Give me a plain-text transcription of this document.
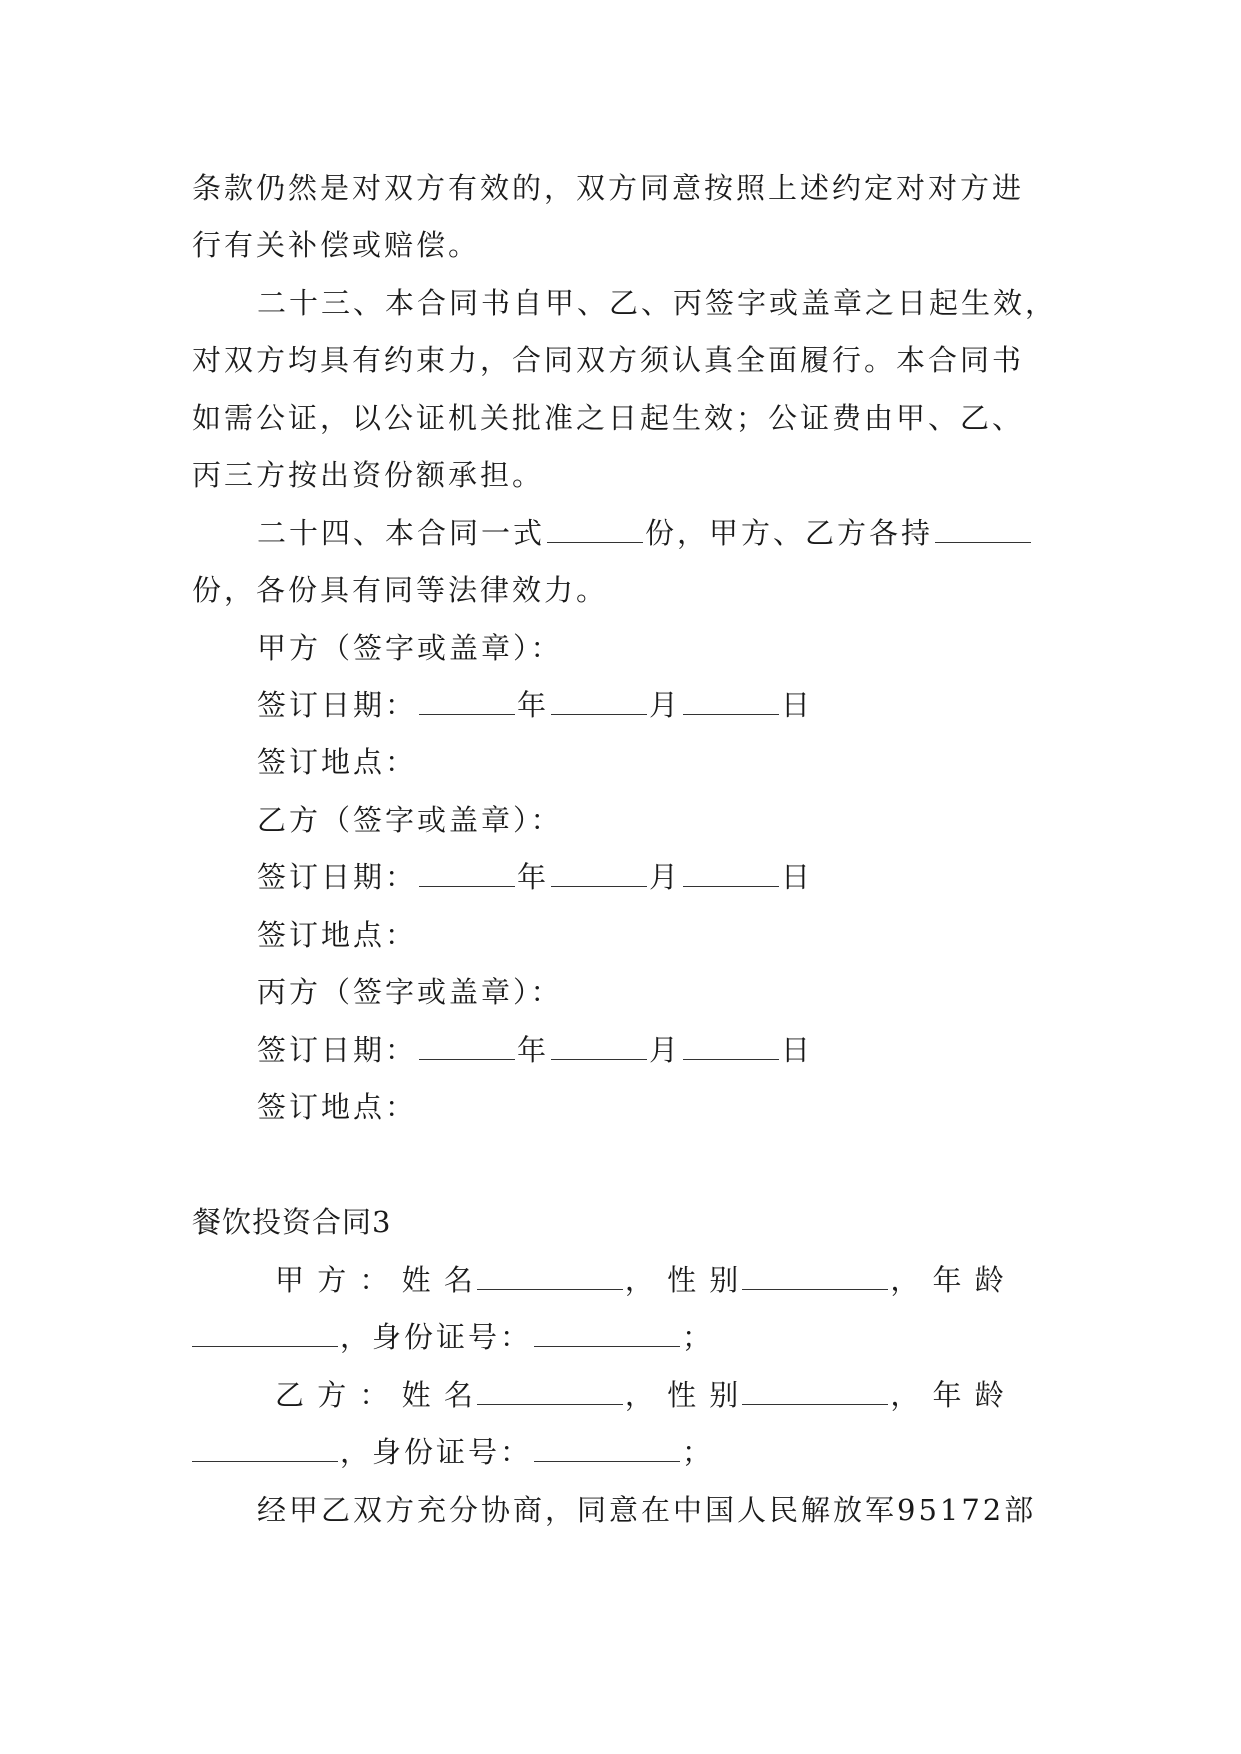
条款仍然是对双方有效的，双方同意按照上述约定对对方进
行有关补偿或赔偿。
二十三、本合同书自甲、乙、丙签字或盖章之日起生效，
对双方均具有约束力，合同双方须认真全面履行。本合同书
如需公证，以公证机关批准之日起生效；公证费由甲、乙、
丙三方按出资份额承担。
二十四、本合同一式	份，甲方、乙方各持
份，各份具有同等法律效力。
甲方（签字或盖章）：
签订日期：	年	月	日
签订地点：
乙方（签字或盖章）：
签订日期：	年	月	日
签订地点：
丙方（签字或盖章）：
签订日期：	年	月	日
签订地点：
餐饮投资合同3
甲 方 ： 姓 名	， 性 别	， 年 龄
，身份证号：	；
乙 方 ： 姓 名	， 性 别	， 年 龄
，身份证号：	；
经甲乙双方充分协商，同意在中国人民解放军95172部
